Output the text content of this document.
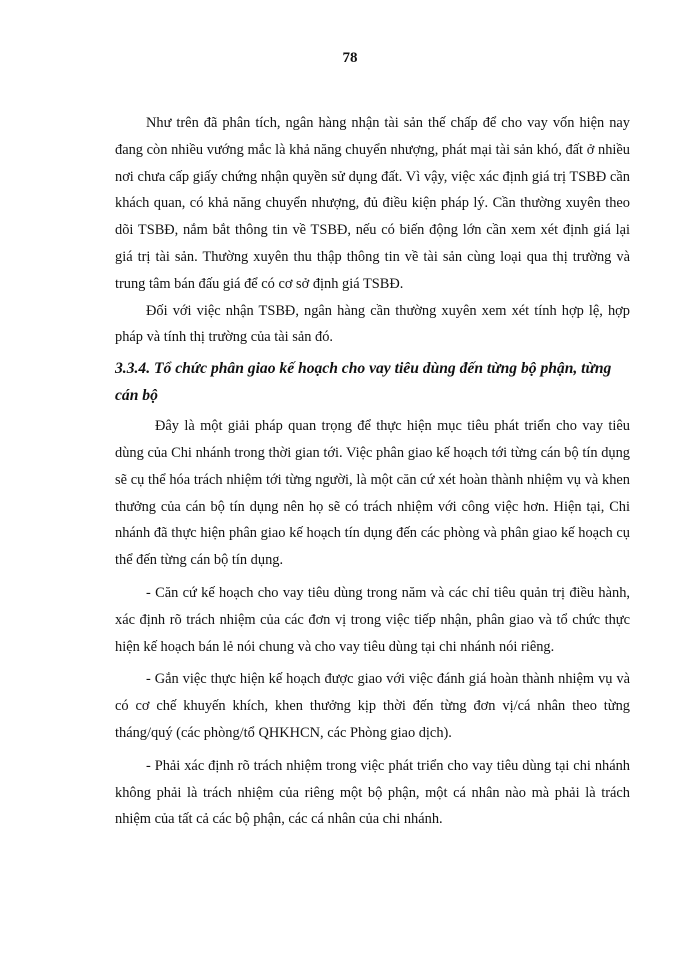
78

Như trên đã phân tích, ngân hàng nhận tài sản thế chấp để cho vay vốn hiện nay đang còn nhiều vướng mắc là khả năng chuyển nhượng, phát mại tài sản khó, đất ở nhiều nơi chưa cấp giấy chứng nhận quyền sử dụng đất. Vì vậy, việc xác định giá trị TSBĐ cần khách quan, có khả năng chuyển nhượng, đủ điều kiện pháp lý. Cần thường xuyên theo dõi TSBĐ, nắm bắt thông tin về TSBĐ, nếu có biến động lớn cần xem xét định giá lại giá trị tài sản. Thường xuyên thu thập thông tin về tài sản cùng loại qua thị trường và trung tâm bán đấu giá để có cơ sở định giá TSBĐ.

Đối với việc nhận TSBĐ, ngân hàng cần thường xuyên xem xét tính hợp lệ, hợp pháp và tính thị trường của tài sản đó.

3.3.4. Tổ chức phân giao kế hoạch cho vay tiêu dùng đến từng bộ phận, từng cán bộ

Đây là một giải pháp quan trọng để thực hiện mục tiêu phát triển cho vay tiêu dùng của Chi nhánh trong thời gian tới. Việc phân giao kế hoạch tới từng cán bộ tín dụng sẽ cụ thể hóa trách nhiệm tới từng người, là một căn cứ xét hoàn thành nhiệm vụ và khen thưởng của cán bộ tín dụng nên họ sẽ có trách nhiệm với công việc hơn. Hiện tại, Chi nhánh đã thực hiện phân giao kế hoạch tín dụng đến các phòng và phân giao kế hoạch cụ thể đến từng cán bộ tín dụng.

- Căn cứ kế hoạch cho vay tiêu dùng trong năm và các chỉ tiêu quản trị điều hành, xác định rõ trách nhiệm của các đơn vị trong việc tiếp nhận, phân giao và tổ chức thực hiện kế hoạch bán lẻ nói chung và cho vay tiêu dùng tại chi nhánh nói riêng.

- Gắn việc thực hiện kế hoạch được giao với việc đánh giá hoàn thành nhiệm vụ và có cơ chế khuyến khích, khen thưởng kịp thời đến từng đơn vị/cá nhân theo từng tháng/quý (các phòng/tổ QHKHCN, các Phòng giao dịch).

- Phải xác định rõ trách nhiệm trong việc phát triển cho vay tiêu dùng tại chi nhánh không phải là trách nhiệm của riêng một bộ phận, một cá nhân nào mà phải là trách nhiệm của tất cả các bộ phận, các cá nhân của chi nhánh.
